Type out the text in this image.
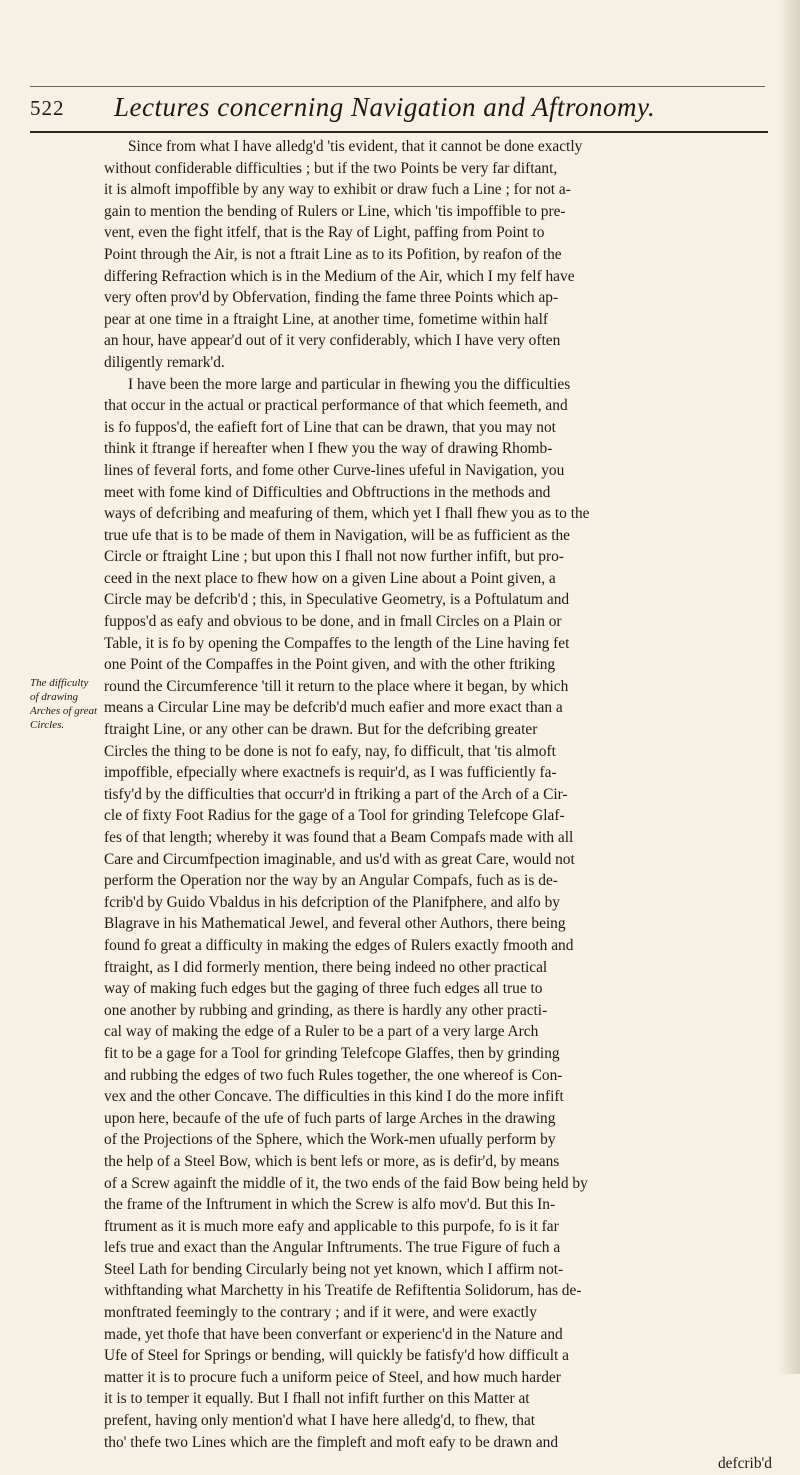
522 Lectures concerning Navigation and Aftronomy.
The difficulty
of drawing
Arches of great
Circles.
Since from what I have alledg'd 'tis evident, that it cannot be done exactly
without confiderable difficulties ; but if the two Points be very far diftant,
it is almoft impoffible by any way to exhibit or draw fuch a Line ; for not a-
gain to mention the bending of Rulers or Line, which 'tis impoffible to pre-
vent, even the fight itfelf, that is the Ray of Light, paffing from Point to
Point through the Air, is not a ftrait Line as to its Pofition, by reafon of the
differing Refraction which is in the Medium of the Air, which I my felf have
very often prov'd by Obfervation, finding the fame three Points which ap-
pear at one time in a ftraight Line, at another time, fometime within half
an hour, have appear'd out of it very confiderably, which I have very often
diligently remark'd.
I have been the more large and particular in fhewing you the difficulties
that occur in the actual or practical performance of that which feemeth, and
is fo fuppos'd, the eafieft fort of Line that can be drawn, that you may not
think it ftrange if hereafter when I fhew you the way of drawing Rhomb-
lines of feveral forts, and fome other Curve-lines ufeful in Navigation, you
meet with fome kind of Difficulties and Obftructions in the methods and
ways of defcribing and meafuring of them, which yet I fhall fhew you as to the
true ufe that is to be made of them in Navigation, will be as fufficient as the
Circle or ftraight Line ; but upon this I fhall not now further infift, but pro-
ceed in the next place to fhew how on a given Line about a Point given, a
Circle may be defcrib'd ; this, in Speculative Geometry, is a Poftulatum and
fuppos'd as eafy and obvious to be done, and in fmall Circles on a Plain or
Table, it is fo by opening the Compaffes to the length of the Line having fet
one Point of the Compaffes in the Point given, and with the other ftriking
round the Circumference 'till it return to the place where it began, by which
means a Circular Line may be defcrib'd much eafier and more exact than a
ftraight Line, or any other can be drawn. But for the defcribing greater
Circles the thing to be done is not fo eafy, nay, fo difficult, that 'tis almoft
impoffible, efpecially where exactnefs is requir'd, as I was fufficiently fa-
tisfy'd by the difficulties that occurr'd in ftriking a part of the Arch of a Cir-
cle of fixty Foot Radius for the gage of a Tool for grinding Telefcope Glaf-
fes of that length; whereby it was found that a Beam Compafs made with all
Care and Circumfpection imaginable, and us'd with as great Care, would not
perform the Operation nor the way by an Angular Compafs, fuch as is de-
fcrib'd by Guido Vbaldus in his defcription of the Planifphere, and alfo by
Blagrave in his Mathematical Jewel, and feveral other Authors, there being
found fo great a difficulty in making the edges of Rulers exactly fmooth and
ftraight, as I did formerly mention, there being indeed no other practical
way of making fuch edges but the gaging of three fuch edges all true to
one another by rubbing and grinding, as there is hardly any other practi-
cal way of making the edge of a Ruler to be a part of a very large Arch
fit to be a gage for a Tool for grinding Telefcope Glaffes, then by grinding
and rubbing the edges of two fuch Rules together, the one whereof is Con-
vex and the other Concave. The difficulties in this kind I do the more infift
upon here, becaufe of the ufe of fuch parts of large Arches in the drawing
of the Projections of the Sphere, which the Work-men ufually perform by
the help of a Steel Bow, which is bent lefs or more, as is defir'd, by means
of a Screw againft the middle of it, the two ends of the faid Bow being held by
the frame of the Inftrument in which the Screw is alfo mov'd. But this In-
ftrument as it is much more eafy and applicable to this purpofe, fo is it far
lefs true and exact than the Angular Inftruments. The true Figure of fuch a
Steel Lath for bending Circularly being not yet known, which I affirm not-
withftanding what Marchetty in his Treatife de Refiftentia Solidorum, has de-
monftrated feemingly to the contrary ; and if it were, and were exactly
made, yet thofe that have been converfant or experienc'd in the Nature and
Ufe of Steel for Springs or bending, will quickly be fatisfy'd how difficult a
matter it is to procure fuch a uniform peice of Steel, and how much harder
it is to temper it equally. But I fhall not infift further on this Matter at
prefent, having only mention'd what I have here alledg'd, to fhew, that
tho' thefe two Lines which are the fimpleft and moft eafy to be drawn and
defcrib'd
